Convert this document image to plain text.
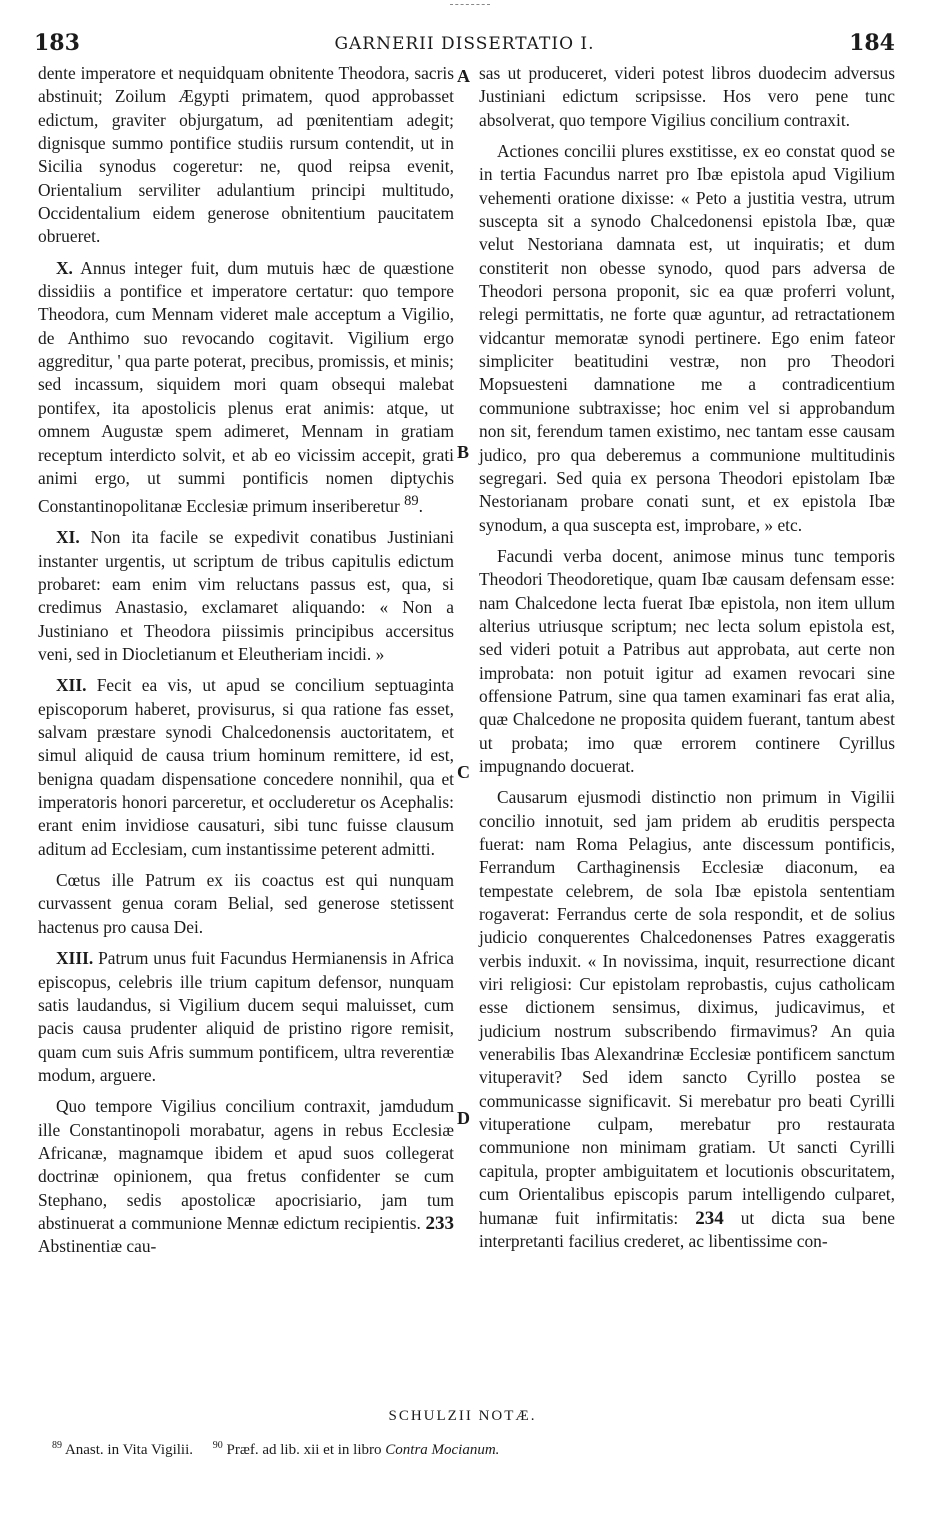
183	GARNERII DISSERTATIO I.	184
A
B
C
D

dente imperatore et nequidquam obnitente Theodora, sacris abstinuit; Zoilum Ægypti primatem, quod approbasset edictum, graviter objurgatum, ad pœnitentiam adegit; dignisque summo pontifice studiis rursum contendit, ut in Sicilia synodus cogeretur: ne, quod reipsa evenit, Orientalium serviliter adulantium principi multitudo, Occidentalium eidem generose obnitentium paucitatem obrueret.

X. Annus integer fuit, dum mutuis hæc de quæstione dissidiis a pontifice et imperatore certatur: quo tempore Theodora, cum Mennam videret male acceptum a Vigilio, de Anthimo suo revocando cogitavit. Vigilium ergo aggreditur, ' qua parte poterat, precibus, promissis, et minis; sed incassum, siquidem mori quam obsequi malebat pontifex, ita apostolicis plenus erat animis: atque, ut omnem Augustæ spem adimeret, Mennam in gratiam receptum interdicto solvit, et ab eo vicissim accepit, grati animi ergo, ut summi pontificis nomen diptychis Constantinopolitanæ Ecclesiæ primum inseriberetur $^{89}$.

XI. Non ita facile se expedivit conatibus Justiniani instanter urgentis, ut scriptum de tribus capitulis edictum probaret: eam enim vim reluctans passus est, qua, si credimus Anastasio, exclamaret aliquando: « Non a Justiniano et Theodora piissimis principibus accersitus veni, sed in Diocletianum et Eleutheriam incidi. »

XII. Fecit ea vis, ut apud se concilium septuaginta episcoporum haberet, provisurus, si qua ratione fas esset, salvam præstare synodi Chalcedonensis auctoritatem, et simul aliquid de causa trium hominum remittere, id est, benigna quadam dispensatione concedere nonnihil, qua et imperatoris honori parceretur, et occluderetur os Acephalis: erant enim invidiose causaturi, sibi tunc fuisse clausum aditum ad Ecclesiam, cum instantissime peterent admitti.

Cœtus ille Patrum ex iis coactus est qui nunquam curvassent genua coram Belial, sed generose stetissent hactenus pro causa Dei.

XIII. Patrum unus fuit Facundus Hermianensis in Africa episcopus, celebris ille trium capitum defensor, nunquam satis laudandus, si Vigilium ducem sequi maluisset, cum pacis causa prudenter aliquid de pristino rigore remisit, quam cum suis Afris summum pontificem, ultra reverentiæ modum, arguere.

Quo tempore Vigilius concilium contraxit, jamdudum ille Constantinopoli morabatur, agens in rebus Ecclesiæ Africanæ, magnamque ibidem et apud suos collegerat doctrinæ opinionem, qua fretus confidenter se cum Stephano, sedis apostolicæ apocrisiario, jam tum abstinuerat a communione Mennæ edictum recipientis. 233 Abstinentiæ cau-

sas ut produceret, videri potest libros duodecim adversus Justiniani edictum scripsisse. Hos vero pene tunc absolverat, quo tempore Vigilius concilium contraxit.

Actiones concilii plures exstitisse, ex eo constat quod se in tertia Facundus narret pro Ibæ epistola apud Vigilium vehementi oratione dixisse: « Peto a justitia vestra, utrum suscepta sit a synodo Chalcedonensi epistola Ibæ, quæ velut Nestoriana damnata est, ut inquiratis; et dum constiterit non obesse synodo, quod pars adversa de Theodori persona proponit, sic ea quæ proferri volunt, relegi permittatis, ne forte quæ aguntur, ad retractationem vidcantur memoratæ synodi pertinere. Ego enim fateor simpliciter beatitudini vestræ, non pro Theodori Mopsuesteni damnatione me a contradicentium communione subtraxisse; hoc enim vel si approbandum non sit, ferendum tamen existimo, nec tantam esse causam judico, pro qua deberemus a communione multitudinis segregari. Sed quia ex persona Theodori epistolam Ibæ Nestorianam probare conati sunt, et ex epistola Ibæ synodum, a qua suscepta est, improbare, » etc.

Facundi verba docent, animose minus tunc temporis Theodori Theodoretique, quam Ibæ causam defensam esse: nam Chalcedone lecta fuerat Ibæ epistola, non item ullum alterius utriusque scriptum; nec lecta solum epistola est, sed videri potuit a Patribus aut approbata, aut certe non improbata: non potuit igitur ad examen revocari sine offensione Patrum, sine qua tamen examinari fas erat alia, quæ Chalcedone ne proposita quidem fuerant, tantum abest ut probata; imo quæ errorem continere Cyrillus impugnando docuerat.

Causarum ejusmodi distinctio non primum in Vigilii concilio innotuit, sed jam pridem ab eruditis perspecta fuerat: nam Roma Pelagius, ante discessum pontificis, Ferrandum Carthaginensis Ecclesiæ diaconum, ea tempestate celebrem, de sola Ibæ epistola sententiam rogaverat: Ferrandus certe de sola respondit, et de solius judicio conquerentes Chalcedonenses Patres exaggeratis verbis induxit. « In novissima, inquit, resurrectione dicant viri religiosi: Cur epistolam reprobastis, cujus catholicam esse dictionem sensimus, diximus, judicavimus, et judicium nostrum subscribendo firmavimus? An quia venerabilis Ibas Alexandrinæ Ecclesiæ pontificem sanctum vituperavit? Sed idem sancto Cyrillo postea se communicasse significavit. Si merebatur pro beati Cyrilli vituperatione culpam, merebatur pro restaurata communione non minimam gratiam. Ut sancti Cyrilli capitula, propter ambiguitatem et locutionis obscuritatem, cum Orientalibus episcopis parum intelligendo culparet, humanæ fuit infirmitatis: 234 ut dicta sua bene interpretanti facilius crederet, ac libentissime con-

SCHULZII NOTÆ.
$^{89}$ Anast. in Vita Vigilii. $^{90}$ Præf. ad lib. xii et in libro Contra Mocianum.
